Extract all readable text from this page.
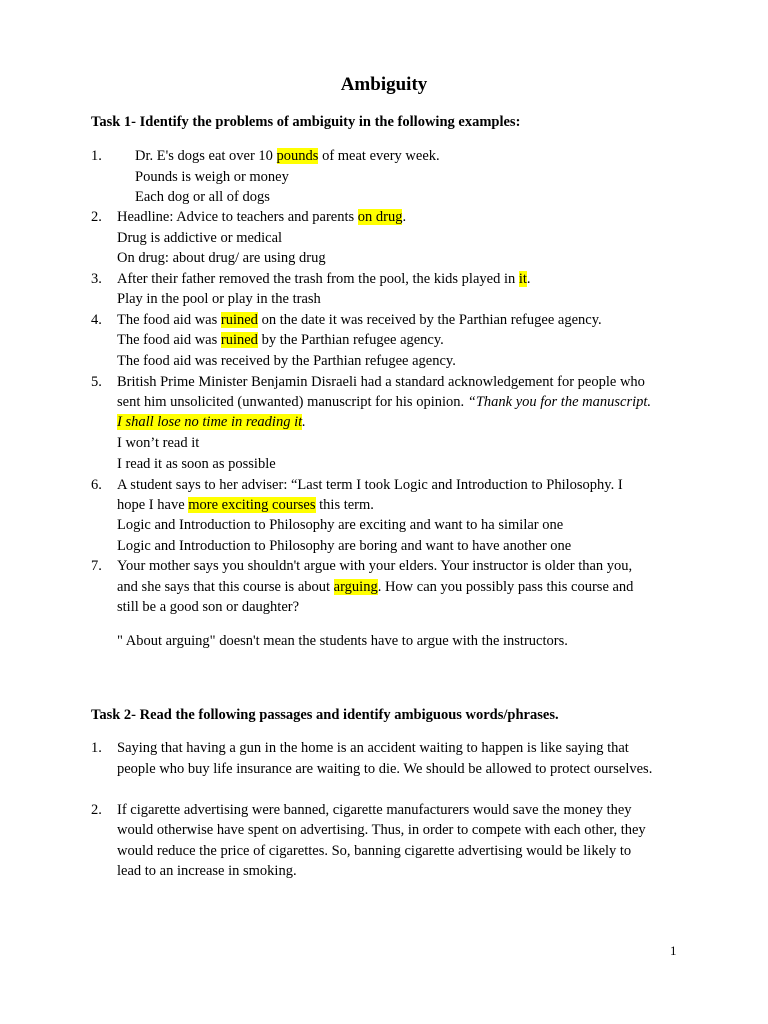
Ambiguity
Task 1- Identify the problems of ambiguity in the following examples:
1. Dr. E's dogs eat over 10 pounds of meat every week.
Pounds is weigh or money
Each dog or all of dogs
2. Headline: Advice to teachers and parents on drug.
Drug is addictive or medical
On drug: about drug/ are using drug
3. After their father removed the trash from the pool, the kids played in it.
Play in the pool or play in the trash
4. The food aid was ruined on the date it was received by the Parthian refugee agency.
The food aid was ruined by the Parthian refugee agency.
The food aid was received by the Parthian refugee agency.
5. British Prime Minister Benjamin Disraeli had a standard acknowledgement for people who
sent him unsolicited (unwanted) manuscript for his opinion. “Thank you for the manuscript.
I shall lose no time in reading it.
I won’t read it
I read it as soon as possible
6. A student says to her adviser: “Last term I took Logic and Introduction to Philosophy. I
hope I have more exciting courses this term.
Logic and Introduction to Philosophy are exciting and want to ha similar one
Logic and Introduction to Philosophy are boring and want to have another one
7. Your mother says you shouldn't argue with your elders. Your instructor is older than you,
and she says that this course is about arguing. How can you possibly pass this course and
still be a good son or daughter?
" About arguing" doesn't mean the students have to argue with the instructors.
Task 2- Read the following passages and identify ambiguous words/phrases.
1. Saying that having a gun in the home is an accident waiting to happen is like saying that
people who buy life insurance are waiting to die. We should be allowed to protect ourselves.
2. If cigarette advertising were banned, cigarette manufacturers would save the money they
would otherwise have spent on advertising. Thus, in order to compete with each other, they
would reduce the price of cigarettes. So, banning cigarette advertising would be likely to
lead to an increase in smoking.
1
